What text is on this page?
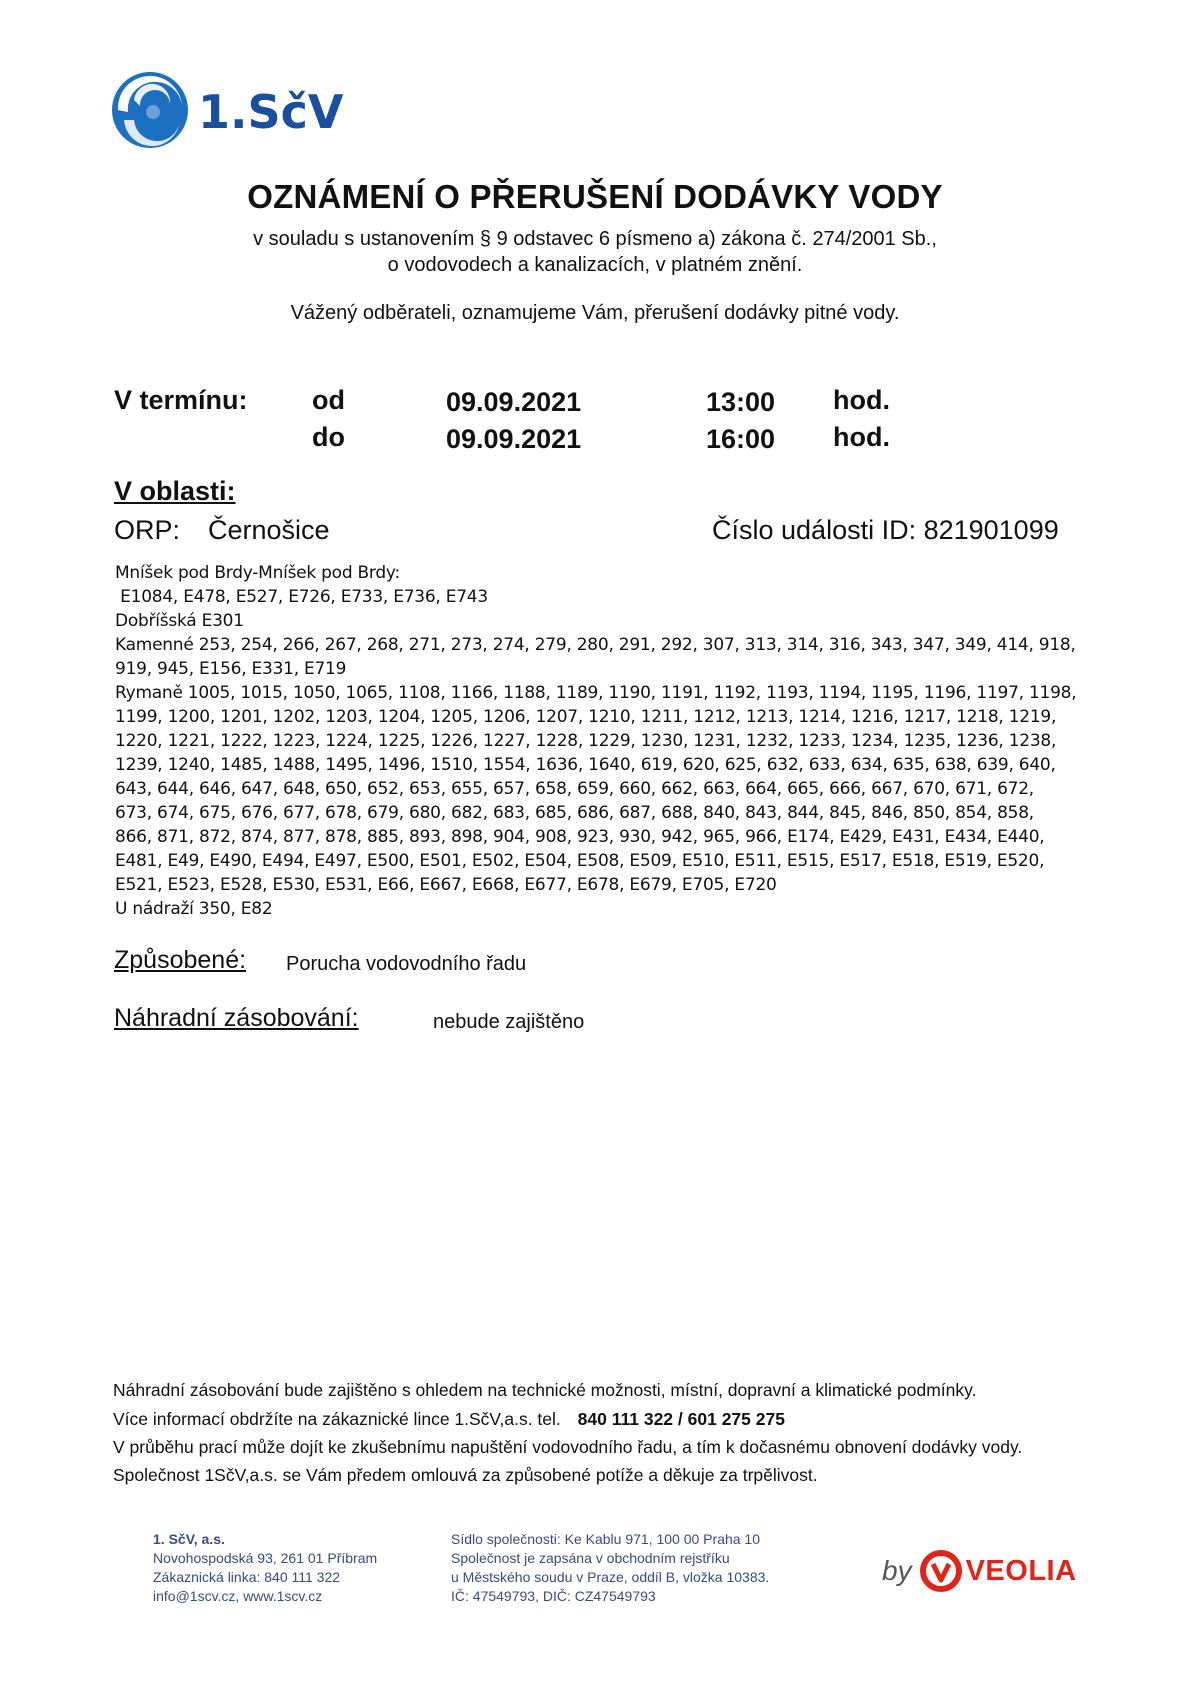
1.SčV
OZNÁMENÍ O PŘERUŠENÍ DODÁVKY VODY
v souladu s ustanovením § 9 odstavec 6 písmeno a) zákona č. 274/2001 Sb.,
o vodovodech a kanalizacích, v platném znění.
Vážený odběrateli, oznamujeme Vám, přerušení dodávky pitné vody.
V termínu: od	09.09.2021	13:00 hod.
do	09.09.2021	16:00 hod.
V oblasti:
ORP: Černošice	Číslo události ID: 821901099
Mníšek pod Brdy-Mníšek pod Brdy:
E1084, E478, E527, E726, E733, E736, E743
Dobříšská E301
Kamenné 253, 254, 266, 267, 268, 271, 273, 274, 279, 280, 291, 292, 307, 313, 314, 316, 343, 347, 349, 414, 918,
919, 945, E156, E331, E719
Rymaně 1005, 1015, 1050, 1065, 1108, 1166, 1188, 1189, 1190, 1191, 1192, 1193, 1194, 1195, 1196, 1197, 1198,
1199, 1200, 1201, 1202, 1203, 1204, 1205, 1206, 1207, 1210, 1211, 1212, 1213, 1214, 1216, 1217, 1218, 1219,
1220, 1221, 1222, 1223, 1224, 1225, 1226, 1227, 1228, 1229, 1230, 1231, 1232, 1233, 1234, 1235, 1236, 1238,
1239, 1240, 1485, 1488, 1495, 1496, 1510, 1554, 1636, 1640, 619, 620, 625, 632, 633, 634, 635, 638, 639, 640,
643, 644, 646, 647, 648, 650, 652, 653, 655, 657, 658, 659, 660, 662, 663, 664, 665, 666, 667, 670, 671, 672,
673, 674, 675, 676, 677, 678, 679, 680, 682, 683, 685, 686, 687, 688, 840, 843, 844, 845, 846, 850, 854, 858,
866, 871, 872, 874, 877, 878, 885, 893, 898, 904, 908, 923, 930, 942, 965, 966, E174, E429, E431, E434, E440,
E481, E49, E490, E494, E497, E500, E501, E502, E504, E508, E509, E510, E511, E515, E517, E518, E519, E520,
E521, E523, E528, E530, E531, E66, E667, E668, E677, E678, E679, E705, E720
U nádraží 350, E82
Způsobené: Porucha vodovodního řadu
Náhradní zásobování:	nebude zajištěno
Náhradní zásobování bude zajištěno s ohledem na technické možnosti, místní, dopravní a klimatické podmínky.
Více informací obdržíte na zákaznické lince 1.SčV,a.s. tel. 840 111 322 / 601 275 275
V průběhu prací může dojít ke zkušebnímu napuštění vodovodního řadu, a tím k dočasnému obnovení dodávky vody.
Společnost 1SčV,a.s. se Vám předem omlouvá za způsobené potíže a děkuje za trpělivost.
1. SčV, a.s.
Novohospodská 93, 261 01 Příbram
Zákaznická linka: 840 111 322
info@1scv.cz, www.1scv.cz
Sídlo společnosti: Ke Kablu 971, 100 00 Praha 10
Společnost je zapsána v obchodním rejstříku
u Městského soudu v Praze, oddíl B, vložka 10383.
IČ: 47549793, DIČ: CZ47549793
by VEOLIA
